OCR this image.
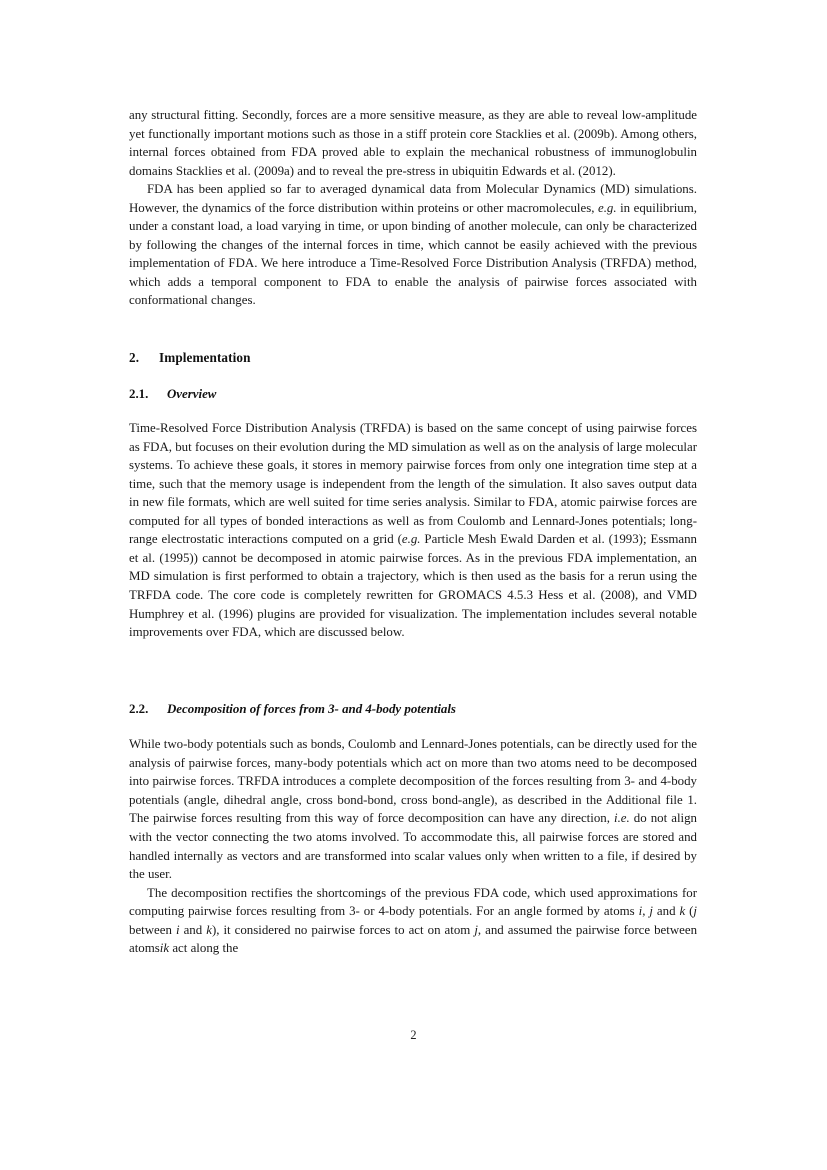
any structural fitting. Secondly, forces are a more sensitive measure, as they are able to reveal low-amplitude yet functionally important motions such as those in a stiff protein core Stacklies et al. (2009b). Among others, internal forces obtained from FDA proved able to explain the mechanical robustness of immunoglobulin domains Stacklies et al. (2009a) and to reveal the pre-stress in ubiquitin Edwards et al. (2012).

FDA has been applied so far to averaged dynamical data from Molecular Dynamics (MD) simulations. However, the dynamics of the force distribution within proteins or other macromolecules, e.g. in equilibrium, under a constant load, a load varying in time, or upon binding of another molecule, can only be characterized by following the changes of the internal forces in time, which cannot be easily achieved with the previous implementation of FDA. We here introduce a Time-Resolved Force Distribution Analysis (TRFDA) method, which adds a temporal component to FDA to enable the analysis of pairwise forces associated with conformational changes.

2. Implementation
2.1. Overview

Time-Resolved Force Distribution Analysis (TRFDA) is based on the same concept of using pairwise forces as FDA, but focuses on their evolution during the MD simulation as well as on the analysis of large molecular systems. To achieve these goals, it stores in memory pairwise forces from only one integration time step at a time, such that the memory usage is independent from the length of the simulation. It also saves output data in new file formats, which are well suited for time series analysis. Similar to FDA, atomic pairwise forces are computed for all types of bonded interactions as well as from Coulomb and Lennard-Jones potentials; long-range electrostatic interactions computed on a grid (e.g. Particle Mesh Ewald Darden et al. (1993); Essmann et al. (1995)) cannot be decomposed in atomic pairwise forces. As in the previous FDA implementation, an MD simulation is first performed to obtain a trajectory, which is then used as the basis for a rerun using the TRFDA code. The core code is completely rewritten for GROMACS 4.5.3 Hess et al. (2008), and VMD Humphrey et al. (1996) plugins are provided for visualization. The implementation includes several notable improvements over FDA, which are discussed below.

2.2. Decomposition of forces from 3- and 4-body potentials

While two-body potentials such as bonds, Coulomb and Lennard-Jones potentials, can be directly used for the analysis of pairwise forces, many-body potentials which act on more than two atoms need to be decomposed into pairwise forces. TRFDA introduces a complete decomposition of the forces resulting from 3- and 4-body potentials (angle, dihedral angle, cross bond-bond, cross bond-angle), as described in the Additional file 1. The pairwise forces resulting from this way of force decomposition can have any direction, i.e. do not align with the vector connecting the two atoms involved. To accommodate this, all pairwise forces are stored and handled internally as vectors and are transformed into scalar values only when written to a file, if desired by the user.

The decomposition rectifies the shortcomings of the previous FDA code, which used approximations for computing pairwise forces resulting from 3- or 4-body potentials. For an angle formed by atoms i, j and k (j between i and k), it considered no pairwise forces to act on atom j, and assumed the pairwise force between atomsik act along the

2
